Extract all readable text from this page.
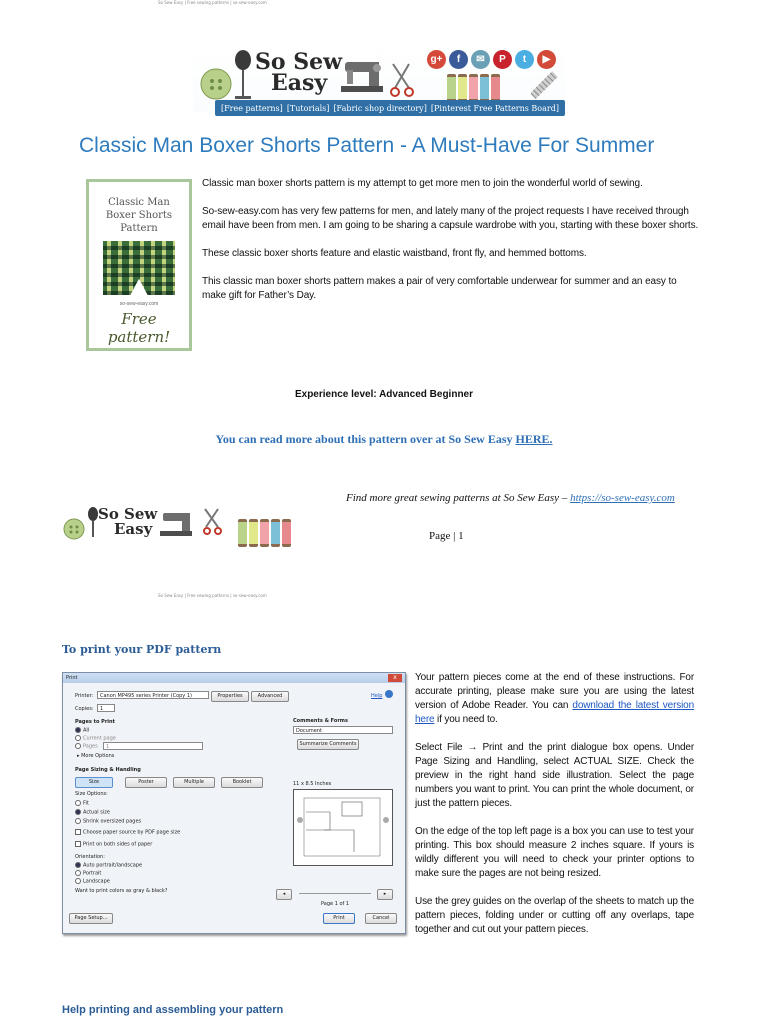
So Sew Easy | Free sewing patterns | so-sew-easy.com
So Sew
Easy
g+	f	✉	P	t	▶
[Free patterns] [Tutorials] [Fabric shop directory] [Pinterest Free Patterns Board]
Classic Man Boxer Shorts Pattern - A Must-Have For Summer
Classic Man
Boxer Shorts
Pattern
so-sew-easy.com
Free pattern!

Classic man boxer shorts pattern is my attempt to get more men to join the wonderful world of sewing.

So-sew-easy.com has very few patterns for men, and lately many of the project requests I have received through email have been from men. I am going to be sharing a capsule wardrobe with you, starting with these boxer shorts.

These classic boxer shorts feature and elastic waistband, front fly, and hemmed bottoms.

This classic man boxer shorts pattern makes a pair of very comfortable underwear for summer and an easy to make gift for Father’s Day.

Experience level: Advanced Beginner
You can read more about this pattern over at So Sew Easy HERE.
Find more great sewing patterns at So Sew Easy – https://so-sew-easy.com
So Sew
Easy	Page | 1
So Sew Easy | Free sewing patterns | so-sew-easy.com
To print your PDF pattern
Print	x
Printer:	Canon MP495 series Printer (Copy 1)	Properties	Advanced	Help
Copies:	1
Pages to Print
All
Current page
Pages	1
▸ More Options
Page Sizing & Handling
Size	Poster	Multiple	Booklet
Size Options:
Fit
Actual size
Shrink oversized pages
Choose paper source by PDF page size
Print on both sides of paper
Orientation:
Auto portrait/landscape
Portrait
Landscape
Want to print colors as gray & black?
Comments & Forms
Document
Summarize Comments
11 x 8.5 Inches
◂	▸
Page 1 of 1
Page Setup...	Print	Cancel

Your pattern pieces come at the end of these instructions. For accurate printing, please make sure you are using the latest version of Adobe Reader. You can download the latest version here if you need to.

Select File → Print and the print dialogue box opens. Under Page Sizing and Handling, select ACTUAL SIZE. Check the preview in the right hand side illustration. Select the page numbers you want to print. You can print the whole document, or just the pattern pieces.

On the edge of the top left page is a box you can use to test your printing. This box should measure 2 inches square. If yours is wildly different you will need to check your printer options to make sure the pages are not being resized.

Use the grey guides on the overlap of the sheets to match up the pattern pieces, folding under or cutting off any overlaps, tape together and cut out your pattern pieces.

Help printing and assembling your pattern
